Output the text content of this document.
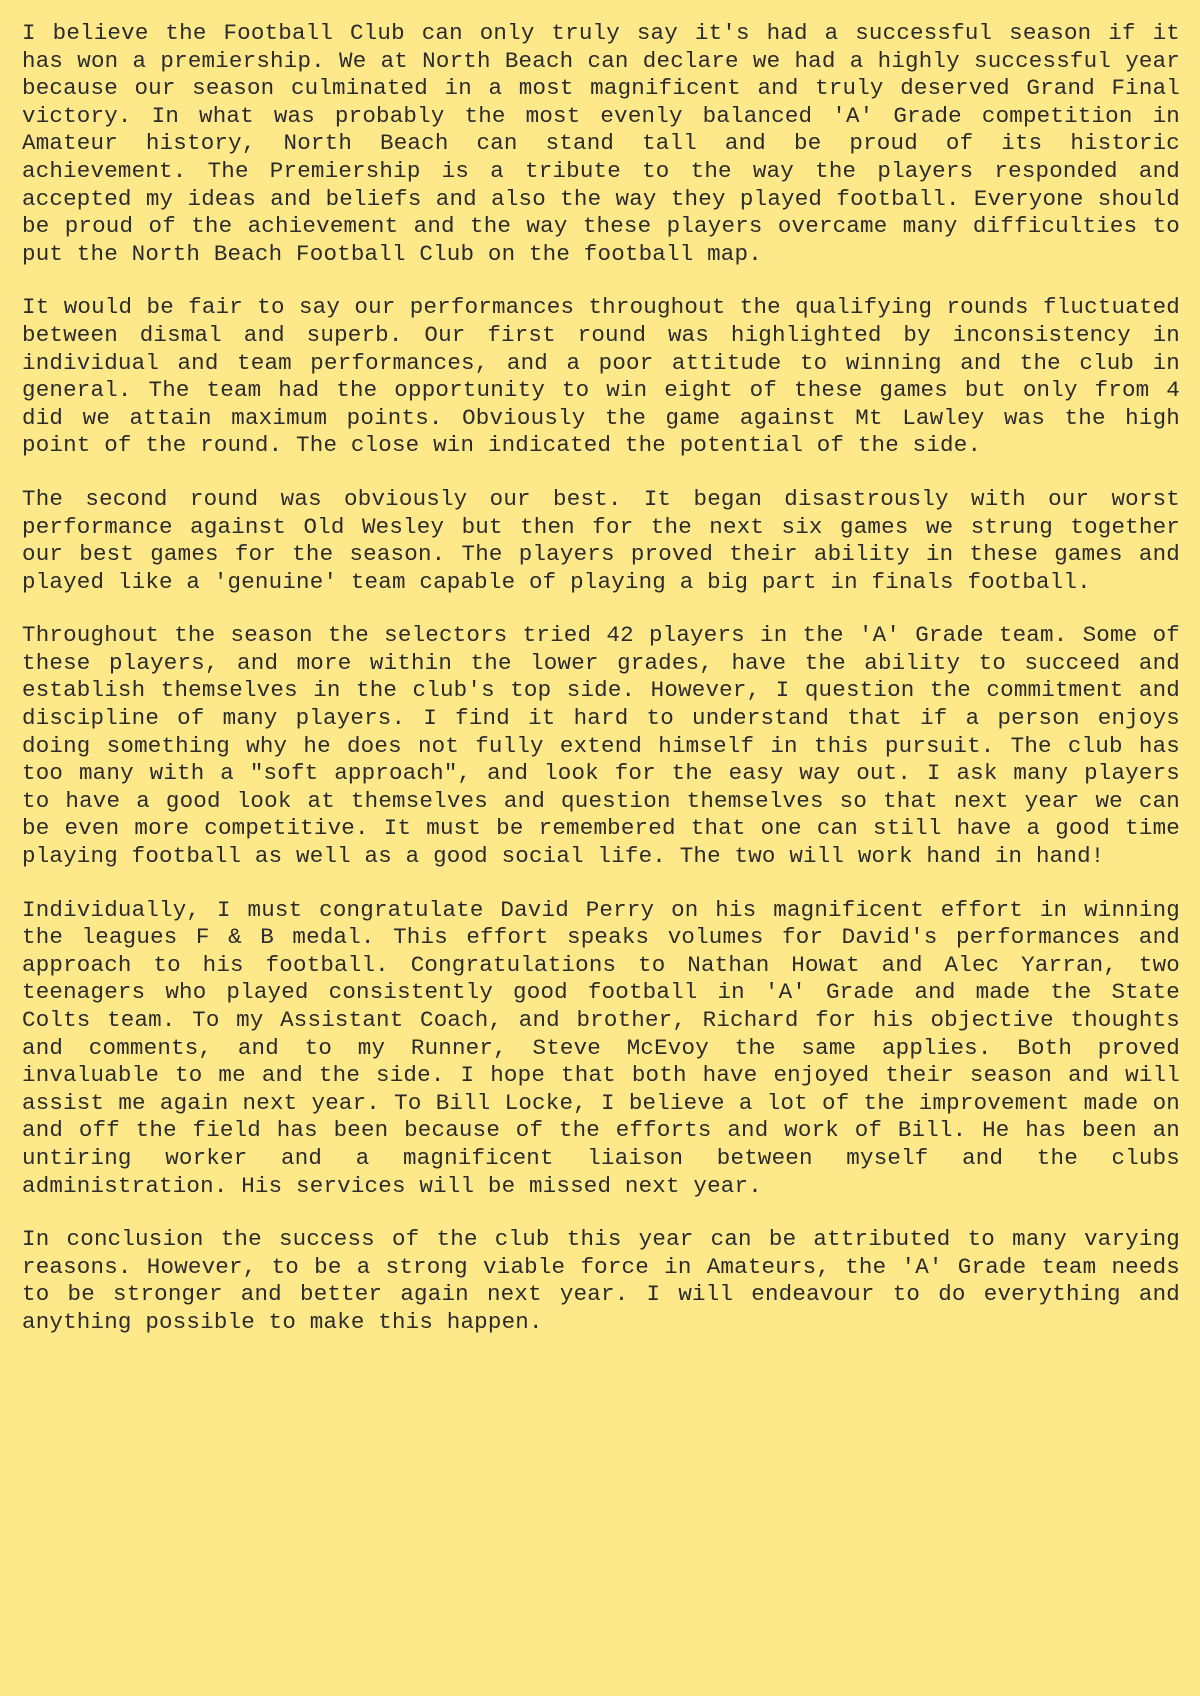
I believe the Football Club can only truly say it's had a successful season if it has won a premiership. We at North Beach can declare we had a highly successful year because our season culminated in a most magnificent and truly deserved Grand Final victory. In what was probably the most evenly balanced 'A' Grade competition in Amateur history, North Beach can stand tall and be proud of its historic achievement. The Premiership is a tribute to the way the players responded and accepted my ideas and beliefs and also the way they played football. Everyone should be proud of the achievement and the way these players overcame many difficulties to put the North Beach Football Club on the football map.

It would be fair to say our performances throughout the qualifying rounds fluctuated between dismal and superb. Our first round was highlighted by inconsistency in individual and team performances, and a poor attitude to winning and the club in general. The team had the opportunity to win eight of these games but only from 4 did we attain maximum points. Obviously the game against Mt Lawley was the high point of the round. The close win indicated the potential of the side.

The second round was obviously our best. It began disastrously with our worst performance against Old Wesley but then for the next six games we strung together our best games for the season. The players proved their ability in these games and played like a 'genuine' team capable of playing a big part in finals football.

Throughout the season the selectors tried 42 players in the 'A' Grade team. Some of these players, and more within the lower grades, have the ability to succeed and establish themselves in the club's top side. However, I question the commitment and discipline of many players. I find it hard to understand that if a person enjoys doing something why he does not fully extend himself in this pursuit. The club has too many with a "soft approach", and look for the easy way out. I ask many players to have a good look at themselves and question themselves so that next year we can be even more competitive. It must be remembered that one can still have a good time playing football as well as a good social life. The two will work hand in hand!

Individually, I must congratulate David Perry on his magnificent effort in winning the leagues F & B medal. This effort speaks volumes for David's performances and approach to his football. Congratulations to Nathan Howat and Alec Yarran, two teenagers who played consistently good football in 'A' Grade and made the State Colts team. To my Assistant Coach, and brother, Richard for his objective thoughts and comments, and to my Runner, Steve McEvoy the same applies. Both proved invaluable to me and the side. I hope that both have enjoyed their season and will assist me again next year. To Bill Locke, I believe a lot of the improvement made on and off the field has been because of the efforts and work of Bill. He has been an untiring worker and a magnificent liaison between myself and the clubs administration. His services will be missed next year.

In conclusion the success of the club this year can be attributed to many varying reasons. However, to be a strong viable force in Amateurs, the 'A' Grade team needs to be stronger and better again next year. I will endeavour to do everything and anything possible to make this happen.
